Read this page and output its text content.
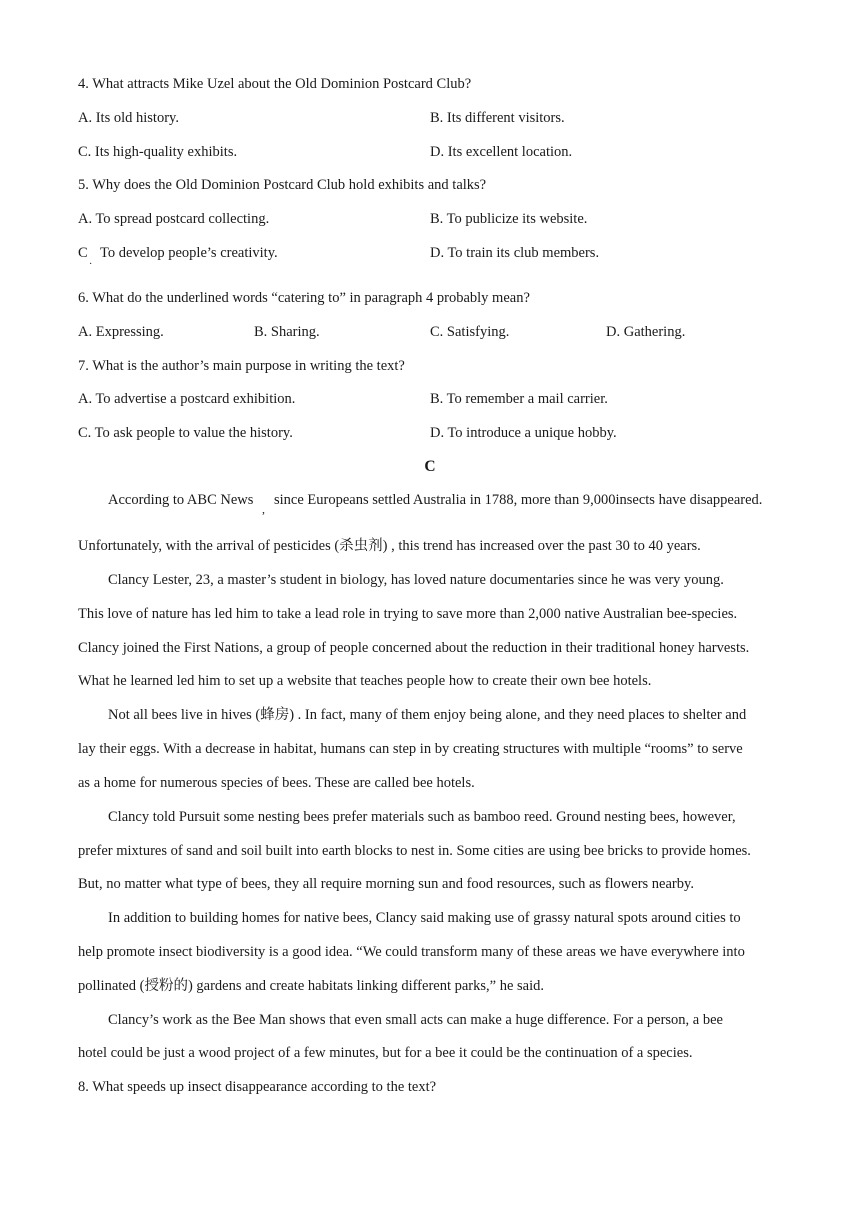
4. What attracts Mike Uzel about the Old Dominion Postcard Club?
A. Its old history.	B. Its different visitors.
C. Its high-quality exhibits.	D. Its excellent location.
5. Why does the Old Dominion Postcard Club hold exhibits and talks?
A. To spread postcard collecting.	B. To publicize its website.
C
·
To develop people’s creativity.	D. To train its club members.
6. What do the underlined words “catering to” in paragraph 4 probably mean?
A. Expressing.	B. Sharing.	C. Satisfying.	D. Gathering.
7. What is the author’s main purpose in writing the text?
A. To advertise a postcard exhibition.	B. To remember a mail carrier.
C. To ask people to value the history.	D. To introduce a unique hobby.
C
According to ABC News
,
since Europeans settled Australia in 1788, more than 9,000insects have disappeared.
Unfortunately, with the arrival of pesticides (杀虫剂) , this trend has increased over the past 30 to 40 years.
Clancy Lester, 23, a master’s student in biology, has loved nature documentaries since he was very young.
This love of nature has led him to take a lead role in trying to save more than 2,000 native Australian bee-species.
Clancy joined the First Nations, a group of people concerned about the reduction in their traditional honey harvests.
What he learned led him to set up a website that teaches people how to create their own bee hotels.
Not all bees live in hives (蜂房) . In fact, many of them enjoy being alone, and they need places to shelter and
lay their eggs. With a decrease in habitat, humans can step in by creating structures with multiple “rooms” to serve
as a home for numerous species of bees. These are called bee hotels.
Clancy told Pursuit some nesting bees prefer materials such as bamboo reed. Ground nesting bees, however,
prefer mixtures of sand and soil built into earth blocks to nest in. Some cities are using bee bricks to provide homes.
But, no matter what type of bees, they all require morning sun and food resources, such as flowers nearby.
In addition to building homes for native bees, Clancy said making use of grassy natural spots around cities to
help promote insect biodiversity is a good idea. “We could transform many of these areas we have everywhere into
pollinated (授粉的) gardens and create habitats linking different parks,” he said.
Clancy’s work as the Bee Man shows that even small acts can make a huge difference. For a person, a bee
hotel could be just a wood project of a few minutes, but for a bee it could be the continuation of a species.
8. What speeds up insect disappearance according to the text?
